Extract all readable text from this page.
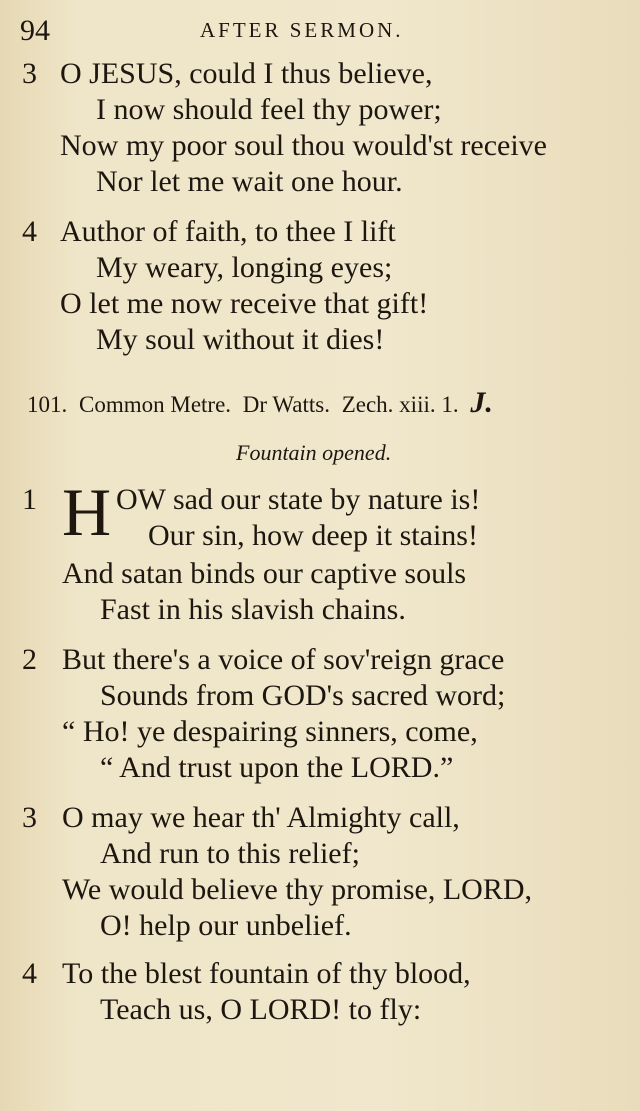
94	AFTER SERMON.
3 O JESUS, could I thus believe,
I now should feel thy power;
Now my poor soul thou would'st receive
Nor let me wait one hour.
4 Author of faith, to thee I lift
My weary, longing eyes;
O let me now receive that gift!
My soul without it dies!
101. Common Metre. Dr Watts. Zech. xiii. 1. J.
Fountain opened.
1 H OW sad our state by nature is!
Our sin, how deep it stains!
And satan binds our captive souls
Fast in his slavish chains.
2 But there's a voice of sov'reign grace
Sounds from GOD's sacred word;
“ Ho! ye despairing sinners, come,
“ And trust upon the LORD.”
3 O may we hear th' Almighty call,
And run to this relief;
We would believe thy promise, LORD,
O! help our unbelief.
4 To the blest fountain of thy blood,
Teach us, O LORD! to fly:
